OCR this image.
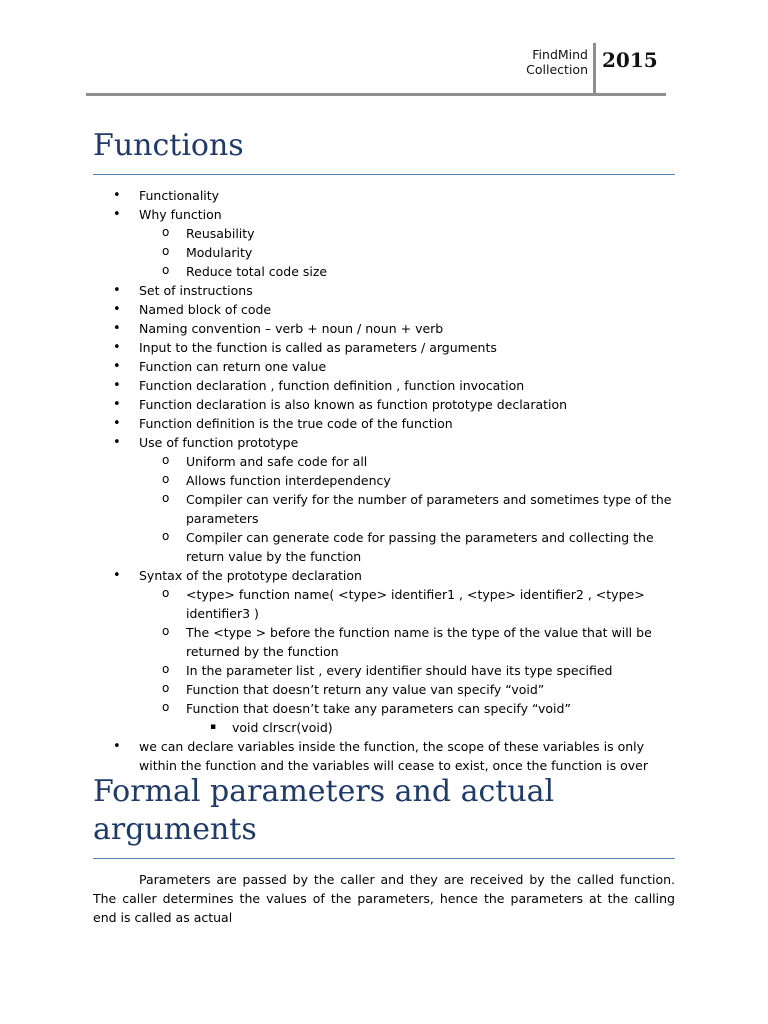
FindMind Collection 2015
Functions
• Functionality
• Why function
o Reusability
o Modularity
o Reduce total code size
• Set of instructions
• Named block of code
• Naming convention – verb + noun / noun + verb
• Input to the function is called as parameters / arguments
• Function can return one value
• Function declaration , function definition , function invocation
• Function declaration is also known as function prototype declaration
• Function definition is the true code of the function
• Use of function prototype
o Uniform and safe code for all
o Allows function interdependency
o Compiler can verify for the number of parameters and sometimes type of the parameters
o Compiler can generate code for passing the parameters and collecting the return value by the function
• Syntax of the prototype declaration
o <type> function name( <type> identifier1 , <type> identifier2 , <type> identifier3 )
o The <type > before the function name is the type of the value that will be returned by the function
o In the parameter list , every identifier should have its type specified
o Function that doesn’t return any value van specify “void”
o Function that doesn’t take any parameters can specify “void”
▪ void clrscr(void)
• we can declare variables inside the function, the scope of these variables is only within the function and the variables will cease to exist, once the function is over
Formal parameters and actual arguments

Parameters are passed by the caller and they are received by the called function. The caller determines the values of the parameters, hence the parameters at the calling end is called as actual
